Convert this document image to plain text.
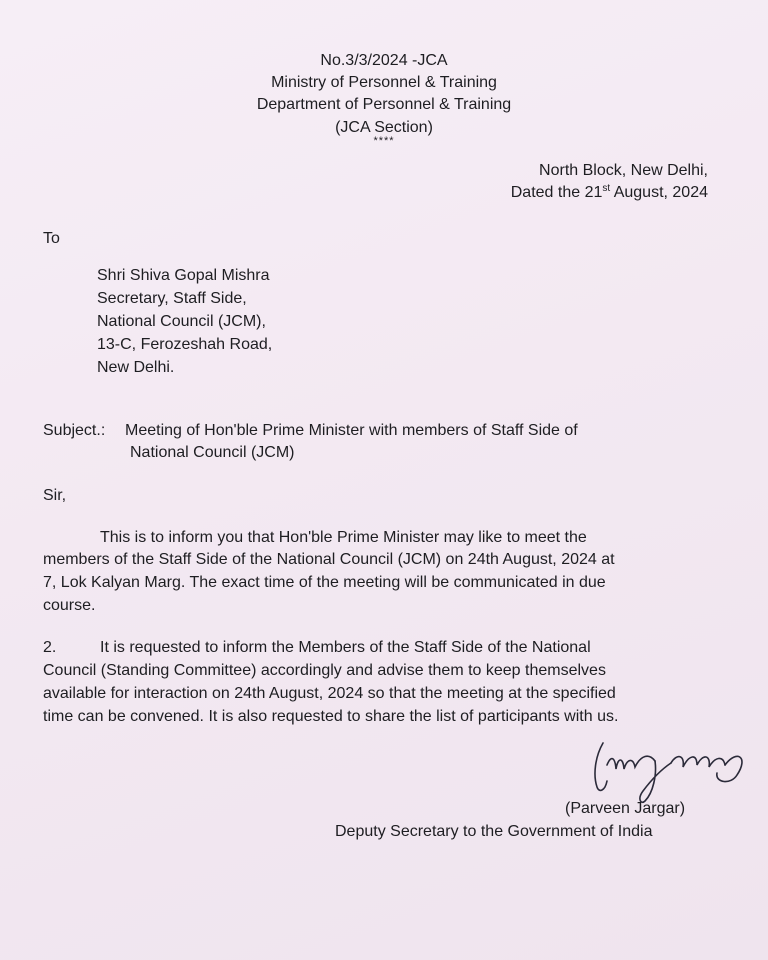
No.3/3/2024 -JCA
Ministry of Personnel & Training
Department of Personnel & Training
(JCA Section)
****
North Block, New Delhi,
Dated the 21st August, 2024
To
Shri Shiva Gopal Mishra
Secretary, Staff Side,
National Council (JCM),
13-C, Ferozeshah Road,
New Delhi.
Subject.: Meeting of Hon'ble Prime Minister with members of Staff Side of
National Council (JCM)
Sir,
This is to inform you that Hon'ble Prime Minister may like to meet the
members of the Staff Side of the National Council (JCM) on 24th August, 2024 at
7, Lok Kalyan Marg. The exact time of the meeting will be communicated in due
course.
2.	It is requested to inform the Members of the Staff Side of the National
Council (Standing Committee) accordingly and advise them to keep themselves
available for interaction on 24th August, 2024 so that the meeting at the specified
time can be convened. It is also requested to share the list of participants with us.
(Parveen Jargar)
Deputy Secretary to the Government of India
